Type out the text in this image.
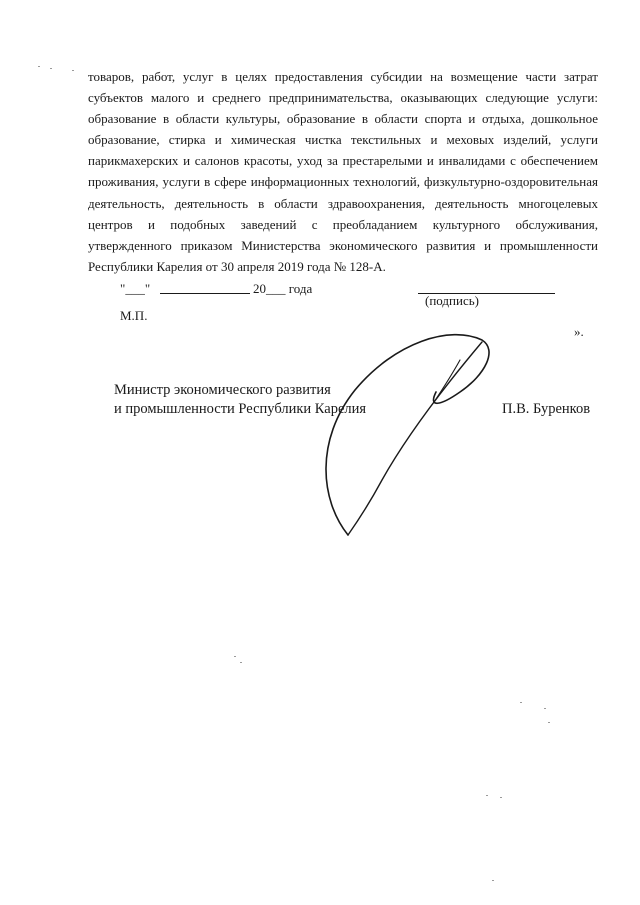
товаров, работ, услуг в целях предоставления субсидии на возмещение части затрат субъектов малого и среднего предпринимательства, оказывающих следующие услуги: образование в области культуры, образование в области спорта и отдыха, дошкольное образование, стирка и химическая чистка текстильных и меховых изделий, услуги парикмахерских и салонов красоты, уход за престарелыми и инвалидами с обеспечением проживания, услуги в сфере информационных технологий, физкультурно-оздоровительная деятельность, деятельность в области здравоохранения, деятельность многоцелевых центров и подобных заведений с преобладанием культурного обслуживания, утвержденного приказом Министерства экономического развития и промышленности Республики Карелия от 30 апреля 2019 года № 128-А.

"___"	20___ года
(подпись)
М.П.
».
Министр экономического развития
и промышленности Республики Карелия	П.В. Буренков
